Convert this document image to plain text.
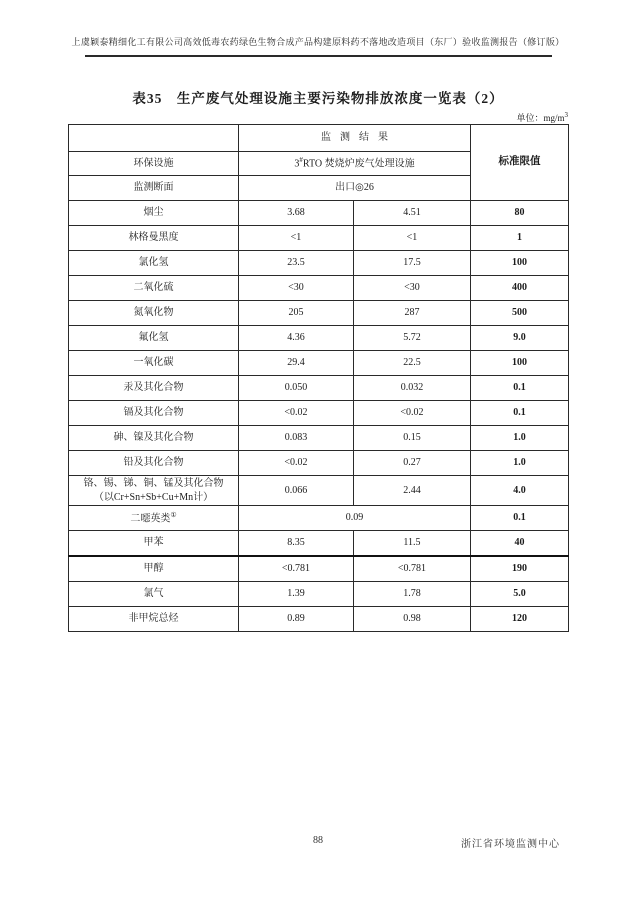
上虞颖泰精细化工有限公司高效低毒农药绿色生物合成产品构建原料药不落地改造项目（东厂）验收监测报告（修订版）
表35　生产废气处理设施主要污染物排放浓度一览表（2）
单位：$mg/m^3$
	监测结果		标准限值
环保设施	3#RTO 焚烧炉废气处理设施		
监测断面	出口◎26		
烟尘	3.68	4.51	80
林格曼黑度	<1	<1	1
氯化氢	23.5	17.5	100
二氧化硫	<30	<30	400
氮氧化物	205	287	500
氟化氢	4.36	5.72	9.0
一氧化碳	29.4	22.5	100
汞及其化合物	0.050	0.032	0.1
镉及其化合物	<0.02	<0.02	0.1
砷、镍及其化合物	0.083	0.15	1.0
铅及其化合物	<0.02	0.27	1.0
铬、锡、锑、铜、锰及其化合物
（以Cr+Sn+Sb+Cu+Mn计）	0.066	2.44	4.0
二噁英类①	0.09		0.1
甲苯	8.35	11.5	40
甲醇	<0.781	<0.781	190
氯气	1.39	1.78	5.0
非甲烷总烃	0.89	0.98	120
88	浙江省环境监测中心
